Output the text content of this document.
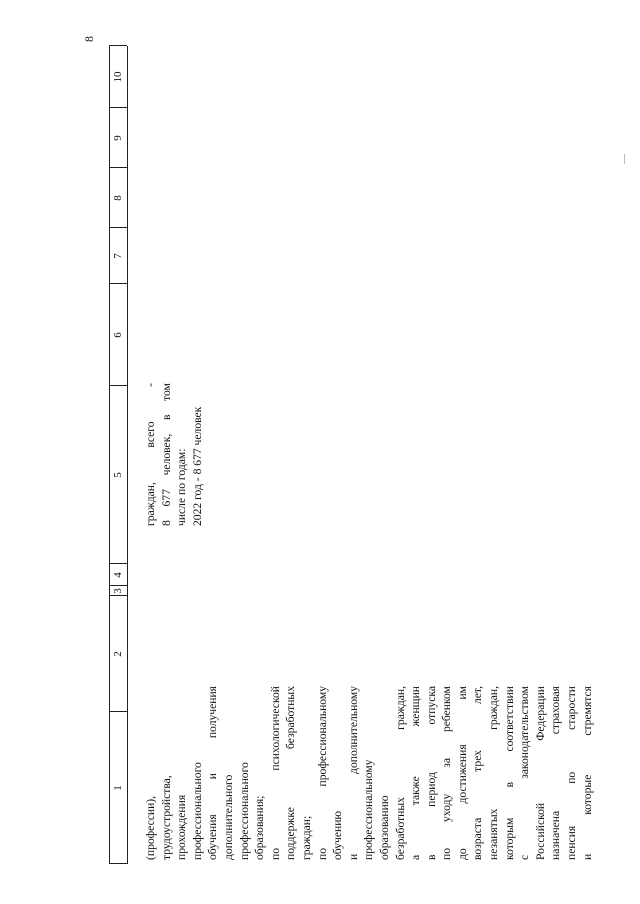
8
1
2
3
4
5
6
7
8
9
10
(профессии), трудоустройства, прохождения профессионального обучения
и
получения
дополнительного профессионального образования; по
психологической
поддержке
безработных
граждан; по
профессиональному
обучению и
дополнительному
профессиональному образованию безработных
граждан,
а
также
женщин
в
период
отпуска
по
уходу
за
ребенком
до
достижения
им
возраста
трех
лет,
незанятых
граждан,
которым
в
соответствии
с
законодательством
Российской
Федерации
назначена
страховая
пенсия
по
старости
и
которые
стремятся
граждан,
всего
-
8
677
человек,
в
том
числе по годам: 2022 год - 8 677 человек
